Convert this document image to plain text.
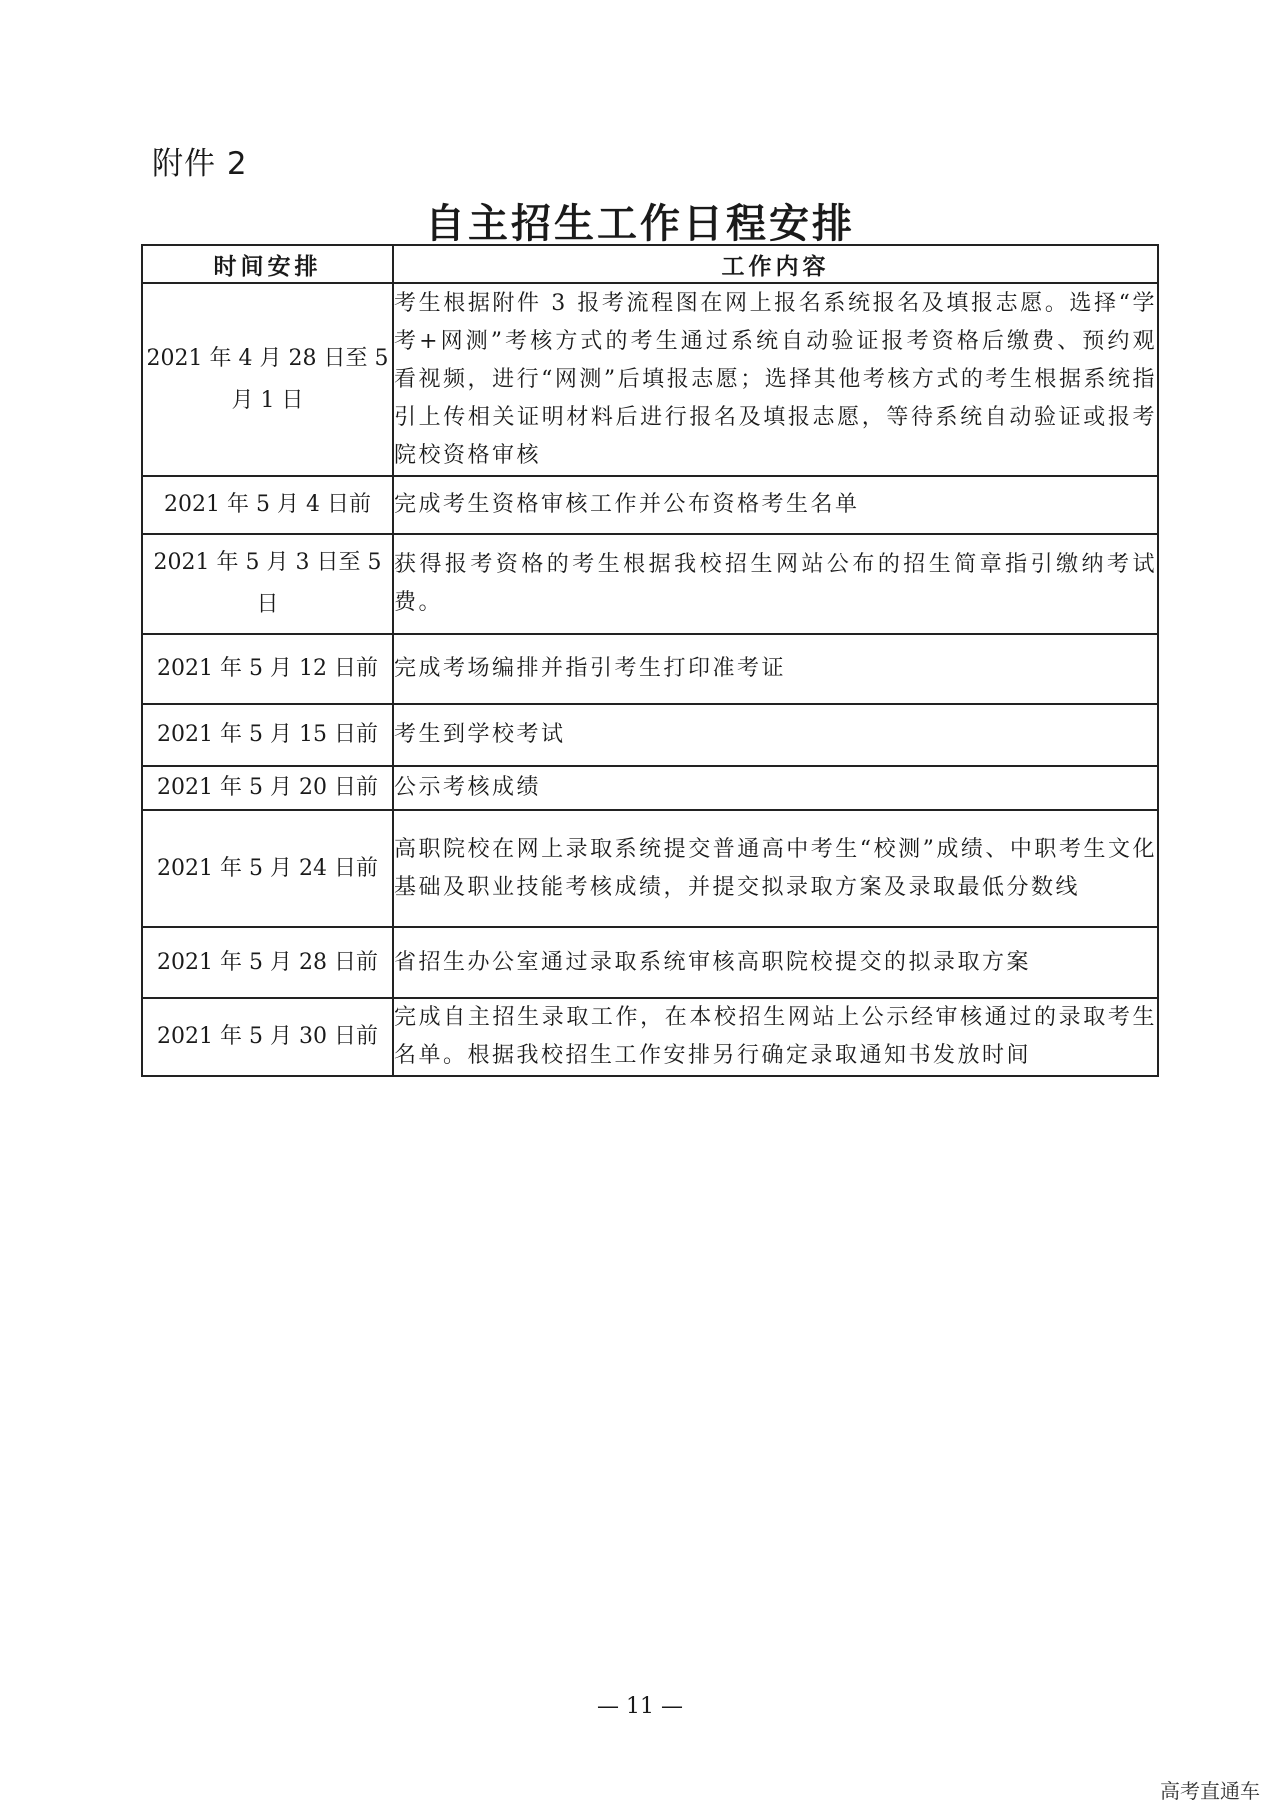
附件 2
自主招生工作日程安排
时间安排	工作内容
2021 年 4 月 28 日至 5 月 1 日	考生根据附件 3 报考流程图在网上报名系统报名及填报志愿。选择“学考+网测”考核方式的考生通过系统自动验证报考资格后缴费、预约观看视频，进行“网测”后填报志愿；选择其他考核方式的考生根据系统指引上传相关证明材料后进行报名及填报志愿，等待系统自动验证或报考院校资格审核
2021 年 5 月 4 日前	完成考生资格审核工作并公布资格考生名单
2021 年 5 月 3 日至 5 日	获得报考资格的考生根据我校招生网站公布的招生简章指引缴纳考试费。
2021 年 5 月 12 日前	完成考场编排并指引考生打印准考证
2021 年 5 月 15 日前	考生到学校考试
2021 年 5 月 20 日前	公示考核成绩
2021 年 5 月 24 日前	高职院校在网上录取系统提交普通高中考生“校测”成绩、中职考生文化基础及职业技能考核成绩，并提交拟录取方案及录取最低分数线
2021 年 5 月 28 日前	省招生办公室通过录取系统审核高职院校提交的拟录取方案
2021 年 5 月 30 日前	完成自主招生录取工作，在本校招生网站上公示经审核通过的录取考生名单。根据我校招生工作安排另行确定录取通知书发放时间
— 11 —
高考直通车
